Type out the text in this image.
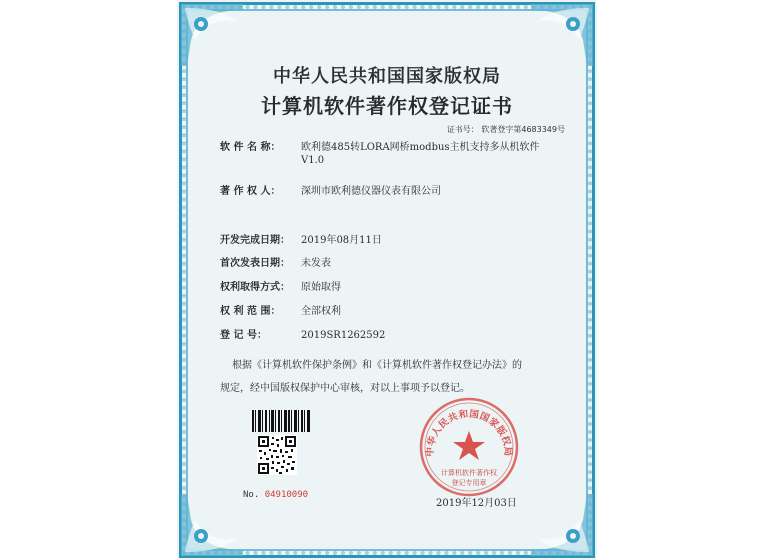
中华人民共和国国家版权局
计算机软件著作权登记证书
证书号： 软著登字第4683349号
软 件 名 称：	欧利德485转LORA网桥modbus主机支持多从机软件
V1.0
著 作 权 人：	深圳市欧利德仪器仪表有限公司
开发完成日期：	2019年08月11日
首次发表日期：	未发表
权利取得方式：	原始取得
权 利 范 围：	全部权利
登 记 号：	2019SR1262592
根据《计算机软件保护条例》和《计算机软件著作权登记办法》的
规定，经中国版权保护中心审核，对以上事项予以登记。
No. 04910090
中华人民共和国国家版权局
计算机软件著作权
登记专用章
2019年12月03日
